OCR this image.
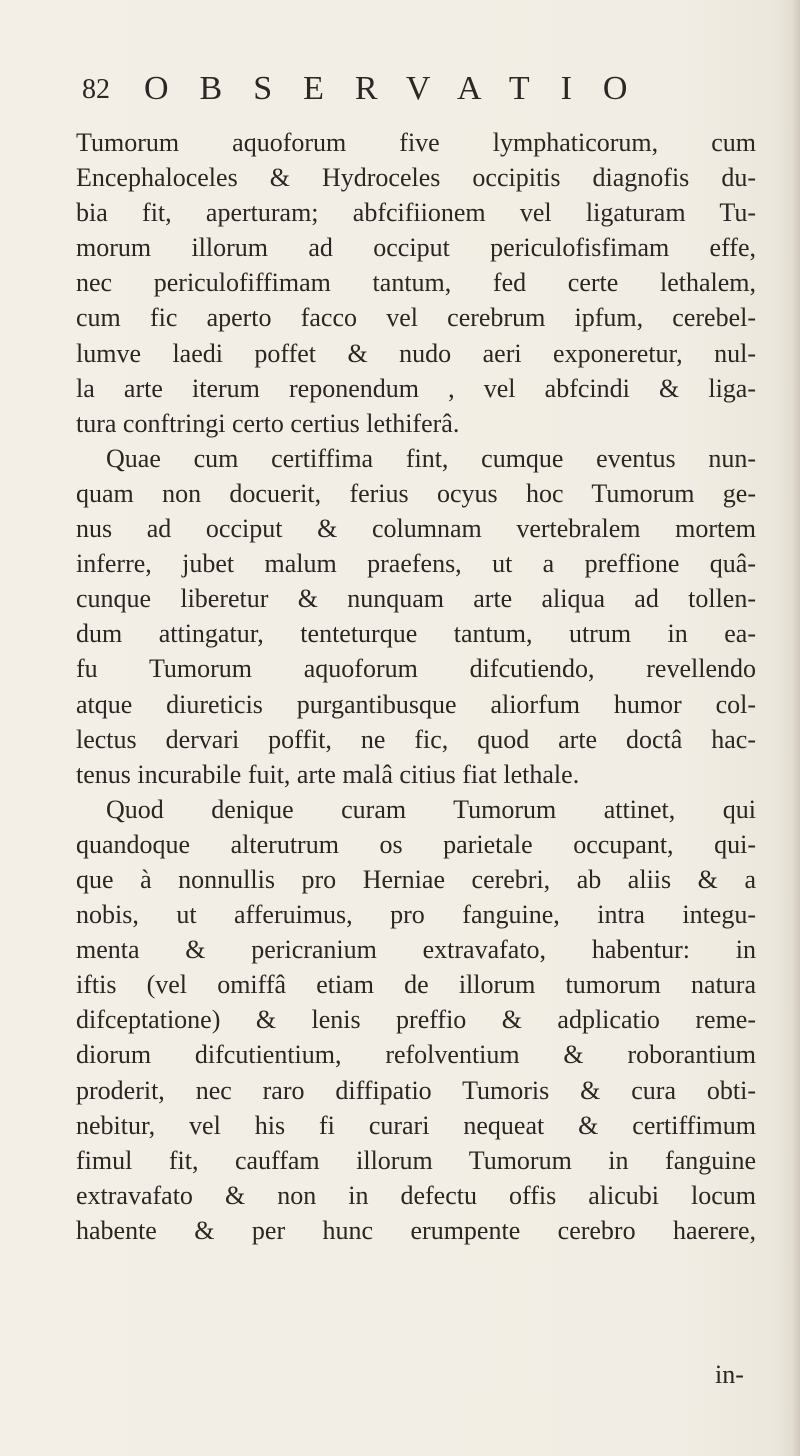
82 OBSERVATIO
Tumorum aquoforum five lymphaticorum, cum
Encephaloceles & Hydroceles occipitis diagnofis du-
bia fit, aperturam; abfcifiionem vel ligaturam Tu-
morum illorum ad occiput periculofisfimam effe,
nec periculofiffimam tantum, fed certe lethalem,
cum fic aperto facco vel cerebrum ipfum, cerebel-
lumve laedi poffet & nudo aeri exponeretur, nul-
la arte iterum reponendum , vel abfcindi & liga-
tura conftringi certo certius lethiferâ.
Quae cum certiffima fint, cumque eventus nun-
quam non docuerit, ferius ocyus hoc Tumorum ge-
nus ad occiput & columnam vertebralem mortem
inferre, jubet malum praefens, ut a preffione quâ-
cunque liberetur & nunquam arte aliqua ad tollen-
dum attingatur, tenteturque tantum, utrum in ea-
fu Tumorum aquoforum difcutiendo, revellendo
atque diureticis purgantibusque aliorfum humor col-
lectus dervari poffit, ne fic, quod arte doctâ hac-
tenus incurabile fuit, arte malâ citius fiat lethale.
Quod denique curam Tumorum attinet, qui
quandoque alterutrum os parietale occupant, qui-
que à nonnullis pro Herniae cerebri, ab aliis & a
nobis, ut afferuimus, pro fanguine, intra integu-
menta & pericranium extravafato, habentur: in
iftis (vel omiffâ etiam de illorum tumorum natura
difceptatione) & lenis preffio & adplicatio reme-
diorum difcutientium, refolventium & roborantium
proderit, nec raro diffipatio Tumoris & cura obti-
nebitur, vel his fi curari nequeat & certiffimum
fimul fit, cauffam illorum Tumorum in fanguine
extravafato & non in defectu offis alicubi locum
habente & per hunc erumpente cerebro haerere,
in-
